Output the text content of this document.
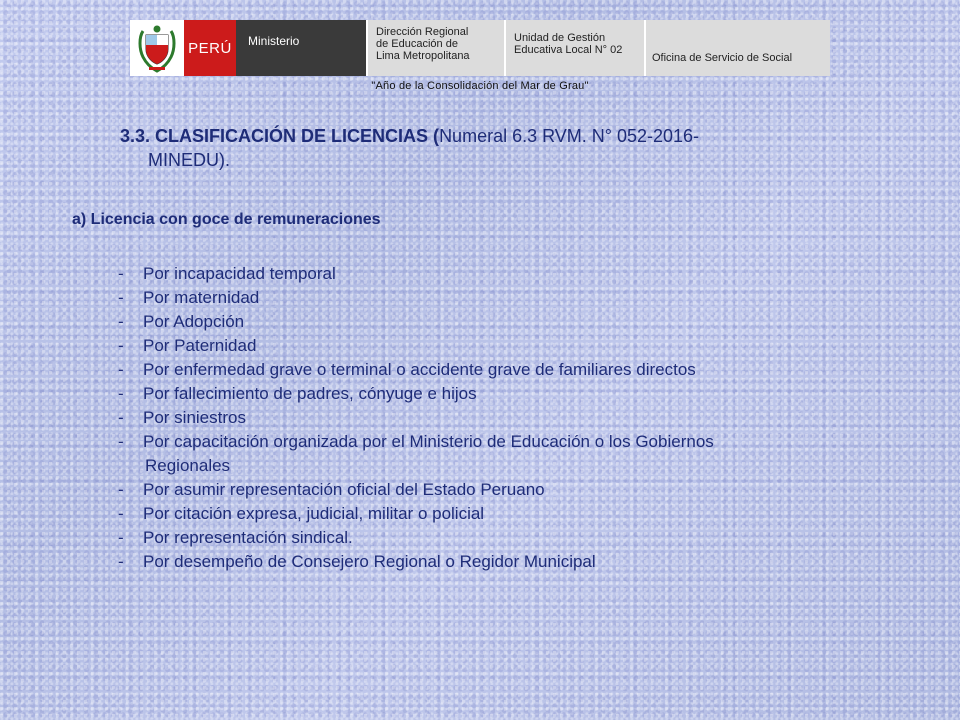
PERÚ	Ministerio
Dirección Regional
de Educación de
Lima Metropolitana
Unidad de Gestión
Educativa Local N° 02
Oficina de Servicio de Social
"Año de la Consolidación del Mar de Grau"
3.3. CLASIFICACIÓN DE LICENCIAS (Numeral 6.3 RVM. N° 052-2016-
MINEDU).
a) Licencia con goce de remuneraciones
-	Por incapacidad temporal
-	Por maternidad
-	Por Adopción
-	Por Paternidad
-	Por enfermedad grave o terminal o accidente grave de familiares directos
-	Por fallecimiento de padres, cónyuge e hijos
-	Por siniestros
-	Por capacitación organizada por el Ministerio de Educación o los Gobiernos
Regionales
-	Por asumir representación oficial del Estado Peruano
-	Por citación expresa, judicial, militar o policial
-	Por representación sindical.
-	Por desempeño de Consejero Regional o Regidor Municipal
